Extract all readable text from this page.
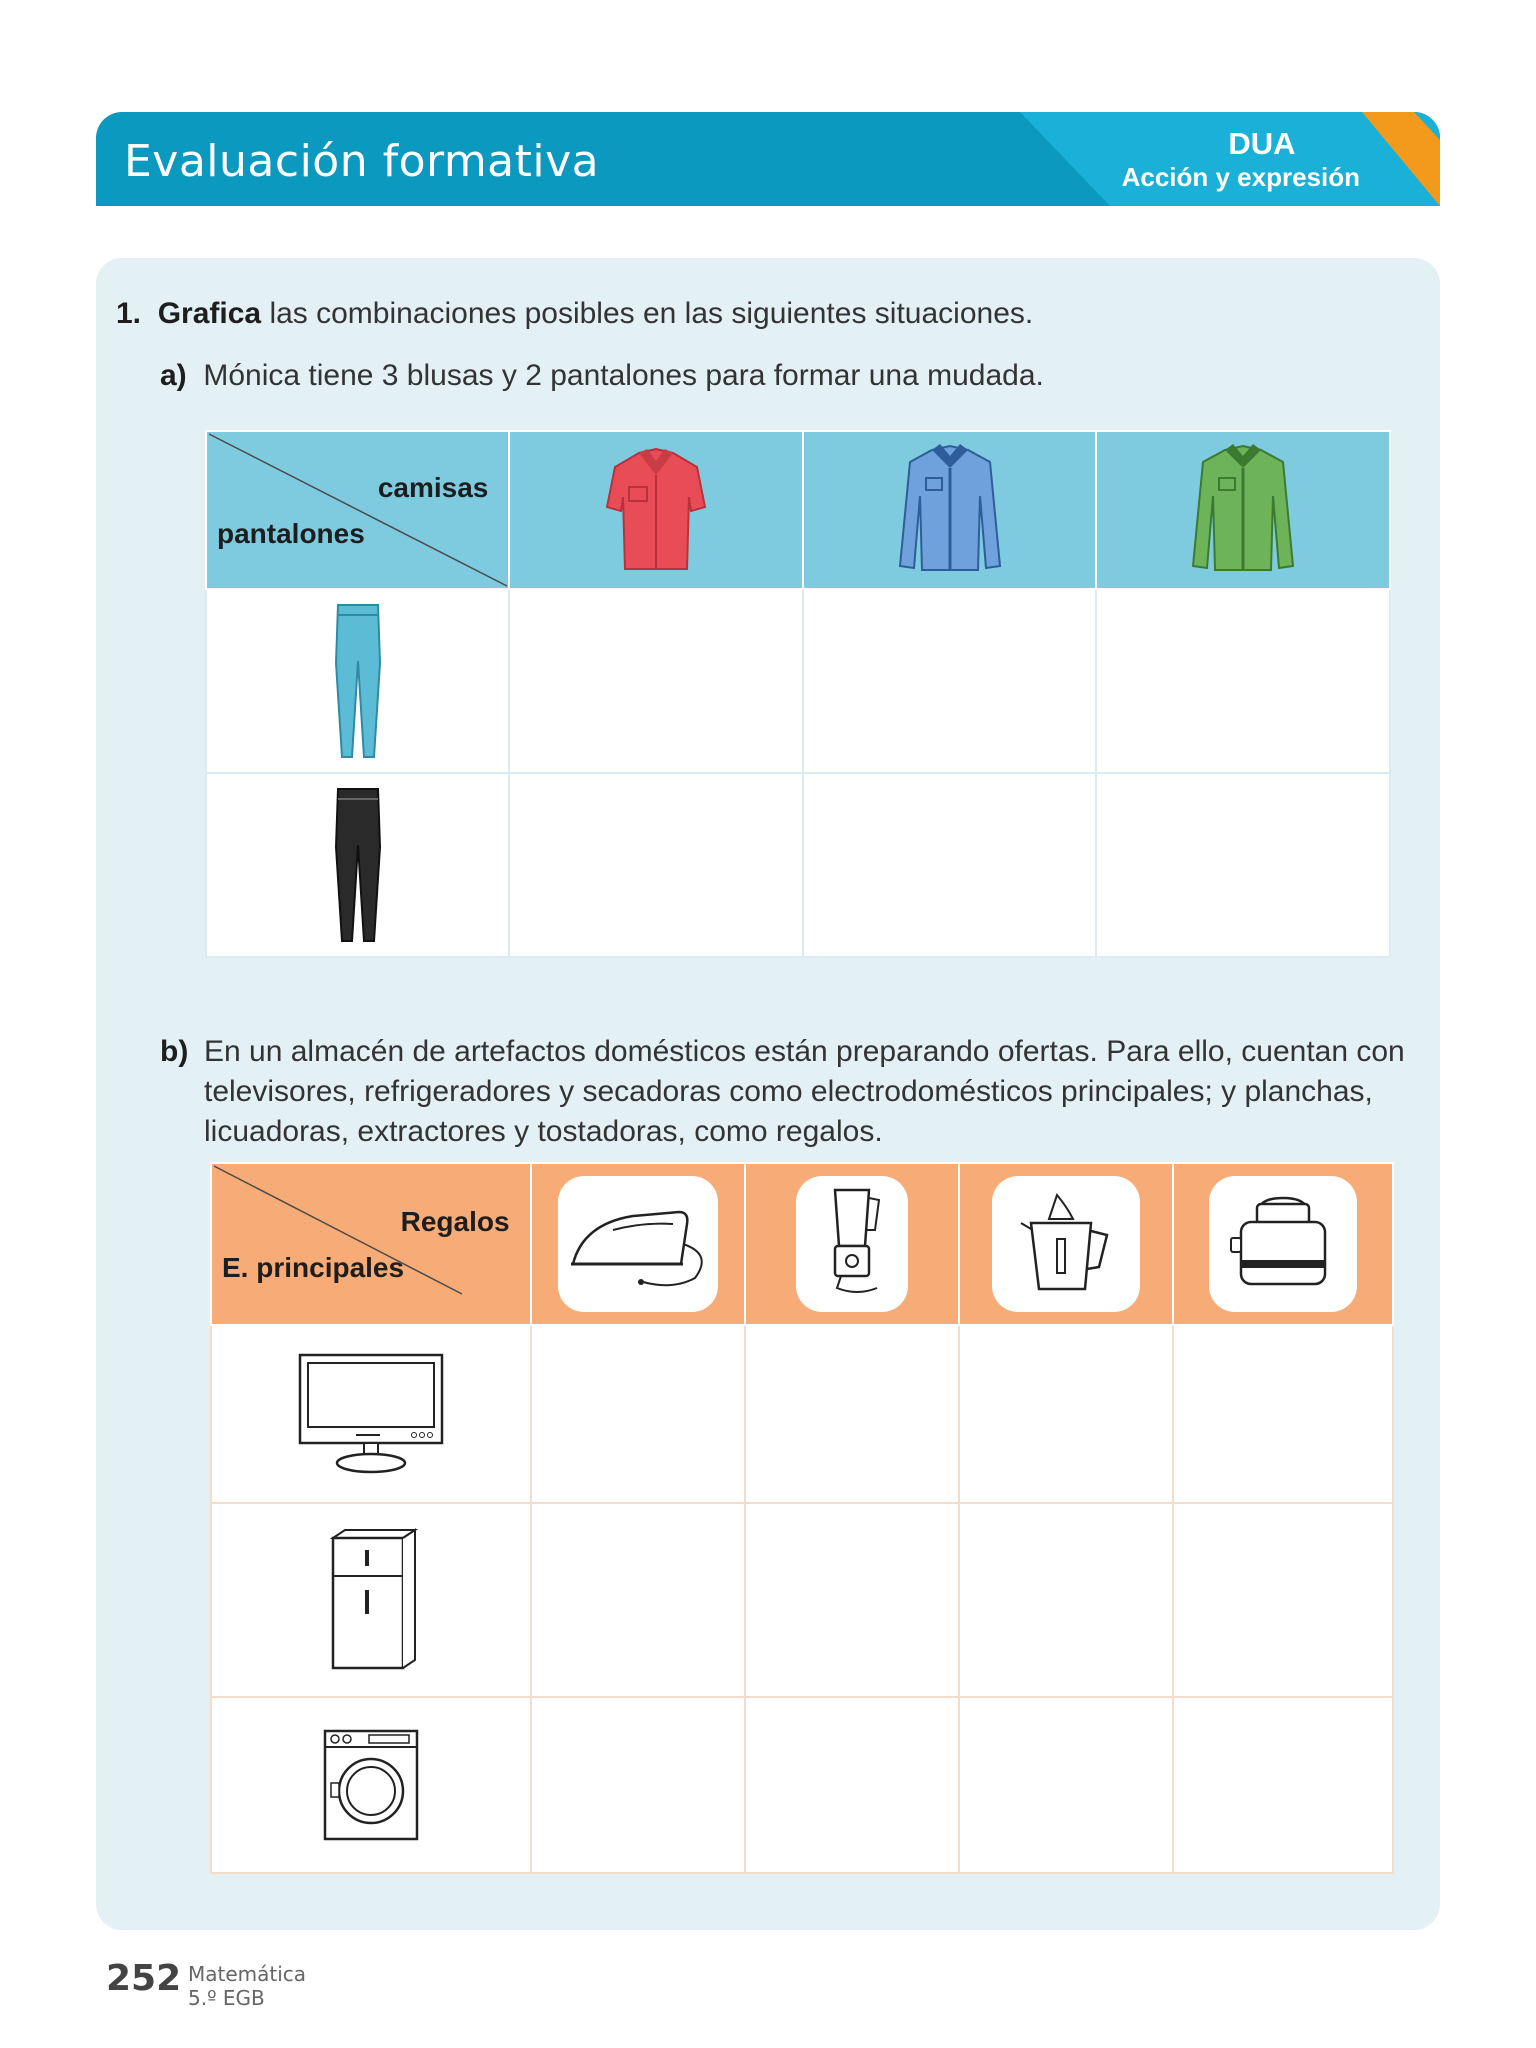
Evaluación formativa	DUA
Acción y expresión
1. Grafica las combinaciones posibles en las siguientes situaciones.
a) Mónica tiene 3 blusas y 2 pantalones para formar una mudada.
camisas
pantalones

b) En un almacén de artefactos domésticos están preparando ofertas. Para ello, cuentan con
televisores, refrigeradores y secadoras como electrodomésticos principales; y planchas,
licuadoras, extractores y tostadoras, como regalos.
Regalos
E. principales

252 Matemática
5.º EGB
